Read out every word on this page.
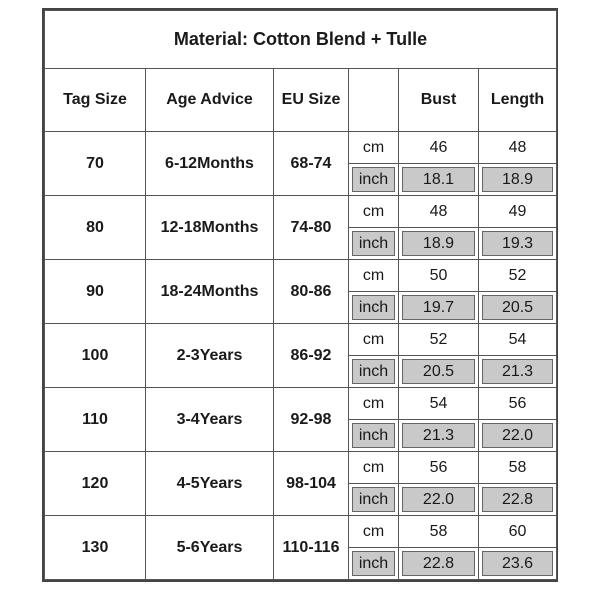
Material: Cotton Blend + Tulle					
Tag Size	Age Advice	EU Size		Bust	Length
70	6-12Months	68-74	cm	46	48
			inch	18.1	18.9
80	12-18Months	74-80	cm	48	49
			inch	18.9	19.3
90	18-24Months	80-86	cm	50	52
			inch	19.7	20.5
100	2-3Years	86-92	cm	52	54
			inch	20.5	21.3
110	3-4Years	92-98	cm	54	56
			inch	21.3	22.0
120	4-5Years	98-104	cm	56	58
			inch	22.0	22.8
130	5-6Years	110-116	cm	58	60
			inch	22.8	23.6
